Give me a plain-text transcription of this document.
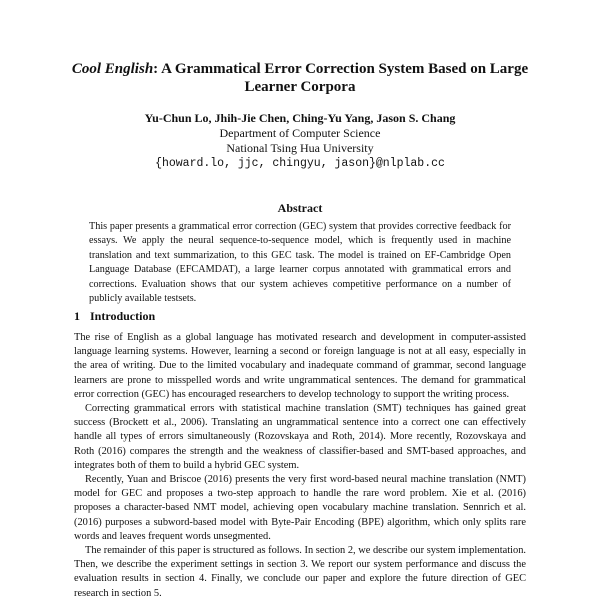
Cool English: A Grammatical Error Correction System Based on Large Learner Corpora
Yu-Chun Lo, Jhih-Jie Chen, Ching-Yu Yang, Jason S. Chang
Department of Computer Science
National Tsing Hua University
{howard.lo, jjc, chingyu, jason}@nlplab.cc
Abstract
This paper presents a grammatical error correction (GEC) system that provides corrective feedback for essays. We apply the neural sequence-to-sequence model, which is frequently used in machine translation and text summarization, to this GEC task. The model is trained on EF-Cambridge Open Language Database (EFCAMDAT), a large learner corpus annotated with grammatical errors and corrections. Evaluation shows that our system achieves competitive performance on a number of publicly available testsets.
1 Introduction

The rise of English as a global language has motivated research and development in computer-assisted language learning systems. However, learning a second or foreign language is not at all easy, especially in the area of writing. Due to the limited vocabulary and inadequate command of grammar, second language learners are prone to misspelled words and write ungrammatical sentences. The demand for grammatical error correction (GEC) has encouraged researchers to develop technology to support the writing process.

Correcting grammatical errors with statistical machine translation (SMT) techniques has gained great success (Brockett et al., 2006). Translating an ungrammatical sentence into a correct one can effectively handle all types of errors simultaneously (Rozovskaya and Roth, 2014). More recently, Rozovskaya and Roth (2016) compares the strength and the weakness of classifier-based and SMT-based approaches, and integrates both of them to build a hybrid GEC system.

Recently, Yuan and Briscoe (2016) presents the very first word-based neural machine translation (NMT) model for GEC and proposes a two-step approach to handle the rare word problem. Xie et al. (2016) proposes a character-based NMT model, achieving open vocabulary machine translation. Sennrich et al. (2016) purposes a subword-based model with Byte-Pair Encoding (BPE) algorithm, which only splits rare words and leaves frequent words unsegmented.

The remainder of this paper is structured as follows. In section 2, we describe our system implementation. Then, we describe the experiment settings in section 3. We report our system performance and discuss the evaluation results in section 4. Finally, we conclude our paper and explore the future direction of GEC research in section 5.
